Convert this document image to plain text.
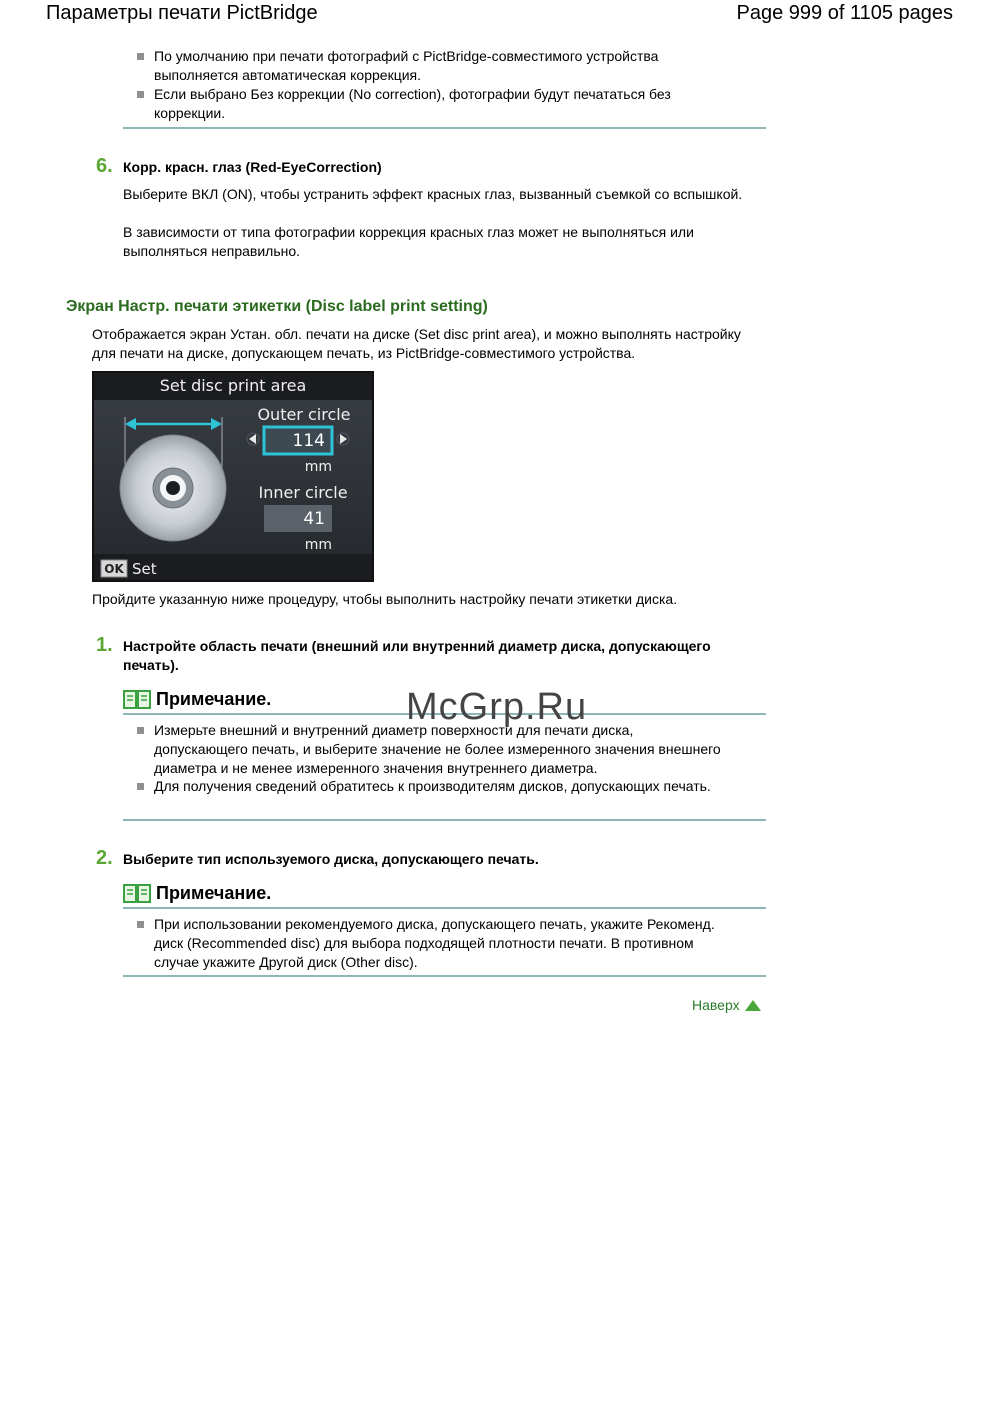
Параметры печати PictBridge	Page 999 of 1105 pages
По умолчанию при печати фотографий с PictBridge-совместимого устройства выполняется автоматическая коррекция.
Если выбрано Без коррекции (No correction), фотографии будут печататься без коррекции.
6. Корр. красн. глаз (Red-EyeCorrection)
Выберите ВКЛ (ON), чтобы устранить эффект красных глаз, вызванный съемкой со вспышкой.
В зависимости от типа фотографии коррекция красных глаз может не выполняться или выполняться неправильно.
Экран Настр. печати этикетки (Disc label print setting)
Отображается экран Устан. обл. печати на диске (Set disc print area), и можно выполнять настройку для печати на диске, допускающем печать, из PictBridge-совместимого устройства.
Set disc print area
Outer circle
114
mm
Inner circle
41
mm
OK Set
Пройдите указанную ниже процедуру, чтобы выполнить настройку печати этикетки диска.
1. Настройте область печати (внешний или внутренний диаметр диска, допускающего печать).
Примечание.
Измерьте внешний и внутренний диаметр поверхности для печати диска, допускающего печать, и выберите значение не более измеренного значения внешнего диаметра и не менее измеренного значения внутреннего диаметра.
Для получения сведений обратитесь к производителям дисков, допускающих печать.
2. Выберите тип используемого диска, допускающего печать.
Примечание.
При использовании рекомендуемого диска, допускающего печать, укажите Рекоменд. диск (Recommended disc) для выбора подходящей плотности печати. В противном случае укажите Другой диск (Other disc).
Наверх
McGrp.Ru
